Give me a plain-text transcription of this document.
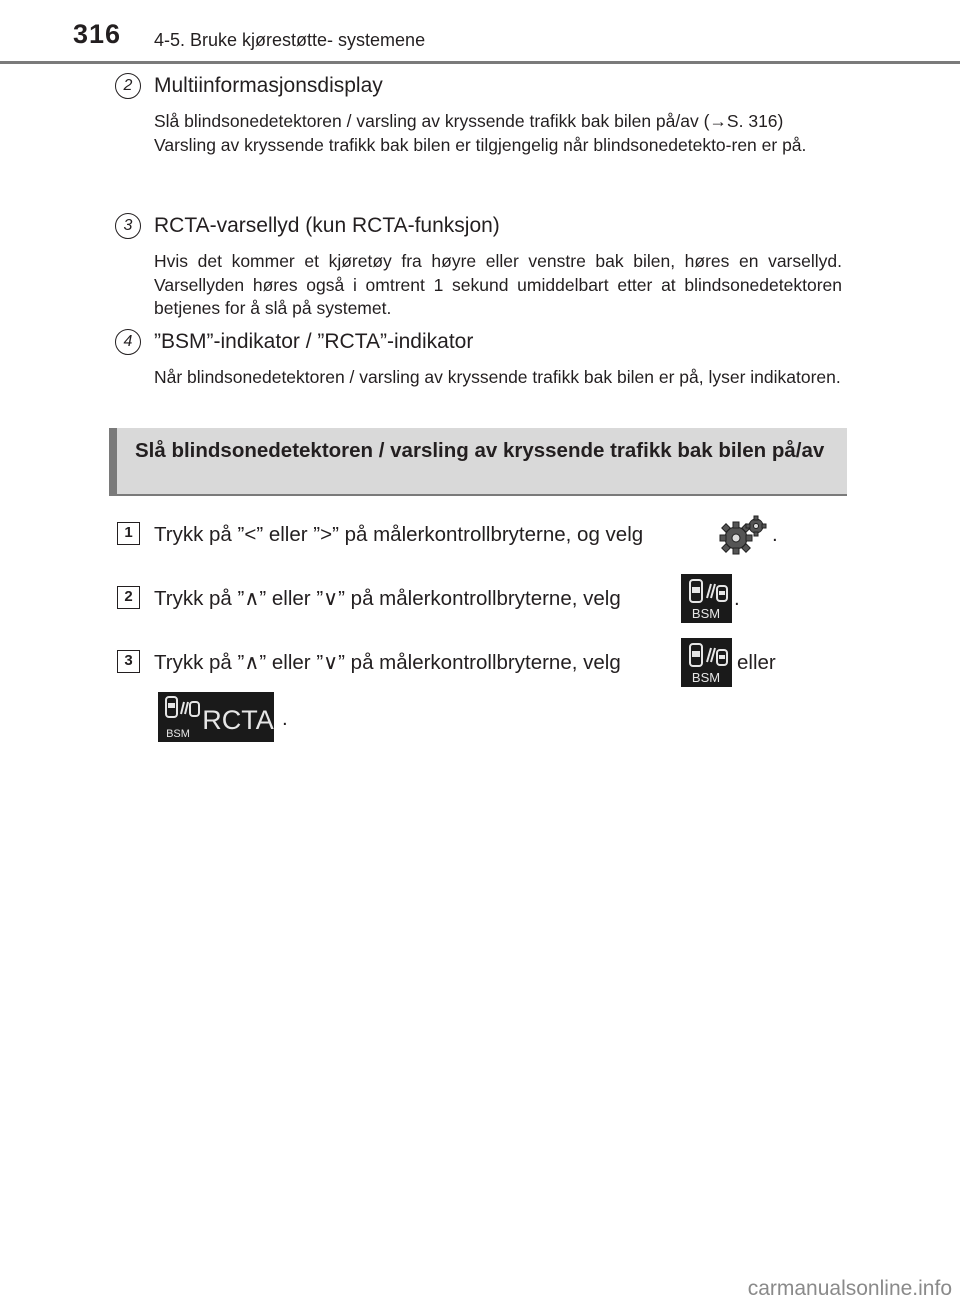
316 4-5. Bruke kjørestøtte- systemene
2	Multiinformasjonsdisplay

Slå blindsonedetektoren / varsling av kryssende trafikk bak bilen på/av (→S. 316)

Varsling av kryssende trafikk bak bilen er tilgjengelig når blindsonedetekto-ren er på.

3	RCTA-varsellyd (kun RCTA-funksjon)

Hvis det kommer et kjøretøy fra høyre eller venstre bak bilen, høres en varsellyd. Varsellyden høres også i omtrent 1 sekund umiddelbart etter at blindsonedetektoren betjenes for å slå på systemet.

4	”BSM”-indikator / ”RCTA”-indikator

Når blindsonedetektoren / varsling av kryssende trafikk bak bilen er på, lyser indikatoren.

Slå blindsonedetektoren / varsling av kryssende trafikk bak bilen på/av
1	Trykk på ”<” eller ”>” på målerkontrollbryterne, og velg	.
2	Trykk på ”∧” eller ”∨” på målerkontrollbryterne, velg
BSM
.
3	Trykk på ”∧” eller ”∨” på målerkontrollbryterne, velg
BSM
eller
BSM RCTA .
carmanualsonline.info
